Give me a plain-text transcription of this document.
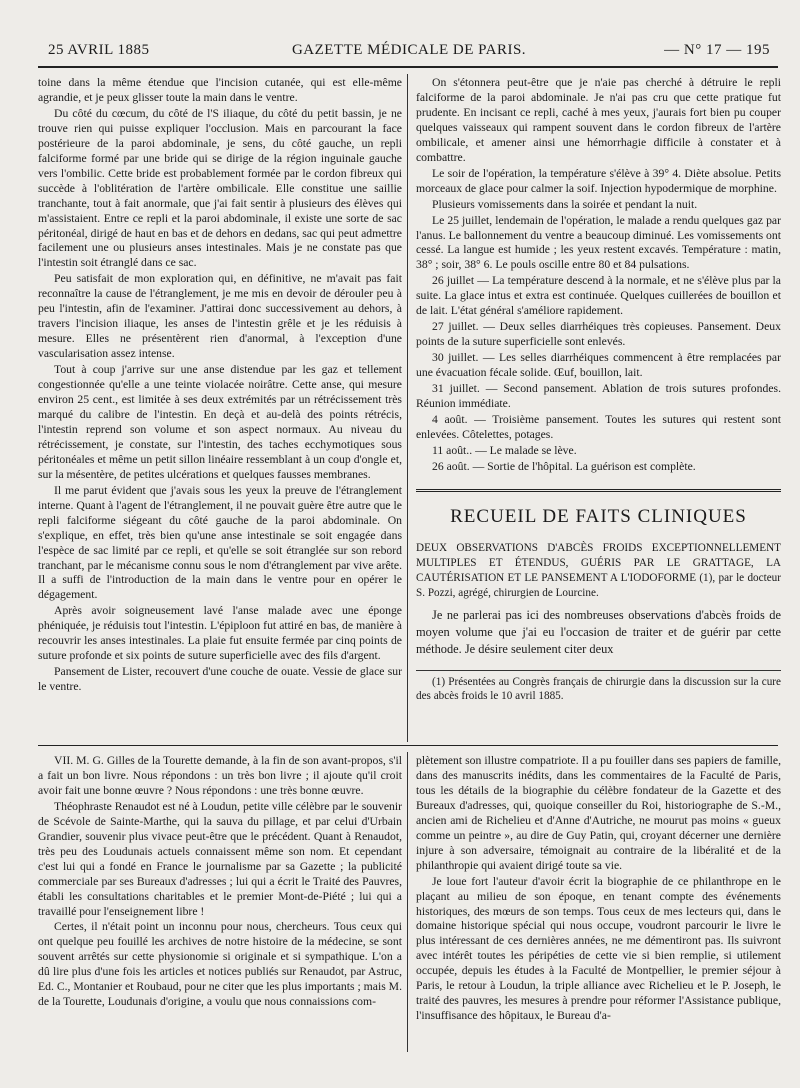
25 AVRIL 1885	GAZETTE MÉDICALE DE PARIS.	— N° 17 — 195

toine dans la même étendue que l'incision cutanée, qui est elle-même agrandie, et je peux glisser toute la main dans le ventre.

Du côté du cœcum, du côté de l'S iliaque, du côté du petit bassin, je ne trouve rien qui puisse expliquer l'occlusion. Mais en parcourant la face postérieure de la paroi abdominale, je sens, du côté gauche, un repli falciforme formé par une bride qui se dirige de la région inguinale gauche vers l'ombilic. Cette bride est probablement formée par le cordon fibreux qui succède à l'oblitération de l'artère ombilicale. Elle constitue une saillie tranchante, tout à fait anormale, que j'ai fait sentir à plusieurs des élèves qui m'assistaient. Entre ce repli et la paroi abdominale, il existe une sorte de sac péritonéal, dirigé de haut en bas et de dehors en dedans, sac qui peut admettre facilement une ou plusieurs anses intestinales. Mais je ne constate pas que l'intestin soit étranglé dans ce sac.

Peu satisfait de mon exploration qui, en définitive, ne m'avait pas fait reconnaître la cause de l'étranglement, je me mis en devoir de dérouler peu à peu l'intestin, afin de l'examiner. J'attirai donc successivement au dehors, à travers l'incision iliaque, les anses de l'intestin grêle et je les réduisis à mesure. Elles ne présentèrent rien d'anormal, à l'exception d'une vascularisation assez intense.

Tout à coup j'arrive sur une anse distendue par les gaz et tellement congestionnée qu'elle a une teinte violacée noirâtre. Cette anse, qui mesure environ 25 cent., est limitée à ses deux extrémités par un rétrécissement très marqué du calibre de l'intestin. En deçà et au-delà des points rétrécis, l'intestin reprend son volume et son aspect normaux. Au niveau du rétrécissement, je constate, sur l'intestin, des taches ecchymotiques sous péritonéales et même un petit sillon linéaire ressemblant à un coup d'ongle et, sur la mésentère, de petites ulcérations et quelques fausses membranes.

Il me parut évident que j'avais sous les yeux la preuve de l'étranglement interne. Quant à l'agent de l'étranglement, il ne pouvait guère être autre que le repli falciforme siégeant du côté gauche de la paroi abdominale. On s'explique, en effet, très bien qu'une anse intestinale se soit engagée dans l'espèce de sac limité par ce repli, et qu'elle se soit étranglée sur son rebord tranchant, par le mécanisme connu sous le nom d'étranglement par vive arête. Il a suffi de l'introduction de la main dans le ventre pour en opérer le dégagement.

Après avoir soigneusement lavé l'anse malade avec une éponge phéniquée, je réduisis tout l'intestin. L'épiploon fut attiré en bas, de manière à recouvrir les anses intestinales. La plaie fut ensuite fermée par cinq points de suture profonde et six points de suture superficielle avec des fils d'argent.

Pansement de Lister, recouvert d'une couche de ouate. Vessie de glace sur le ventre.

On s'étonnera peut-être que je n'aie pas cherché à détruire le repli falciforme de la paroi abdominale. Je n'ai pas cru que cette pratique fut prudente. En incisant ce repli, caché à mes yeux, j'aurais fort bien pu couper quelques vaisseaux qui rampent souvent dans le cordon fibreux de l'artère ombilicale, et amener ainsi une hémorrhagie difficile à constater et à combattre.

Le soir de l'opération, la température s'élève à 39° 4. Diète absolue. Petits morceaux de glace pour calmer la soif. Injection hypodermique de morphine.

Plusieurs vomissements dans la soirée et pendant la nuit.

Le 25 juillet, lendemain de l'opération, le malade a rendu quelques gaz par l'anus. Le ballonnement du ventre a beaucoup diminué. Les vomissements ont cessé. La langue est humide ; les yeux restent excavés. Température : matin, 38° ; soir, 38° 6. Le pouls oscille entre 80 et 84 pulsations.

26 juillet — La température descend à la normale, et ne s'élève plus par la suite. La glace intus et extra est continuée. Quelques cuillerées de bouillon et de lait. L'état général s'améliore rapidement.

27 juillet. — Deux selles diarrhéiques très copieuses. Pansement. Deux points de la suture superficielle sont enlevés.

30 juillet. — Les selles diarrhéiques commencent à être remplacées par une évacuation fécale solide. Œuf, bouillon, lait.

31 juillet. — Second pansement. Ablation de trois sutures profondes. Réunion immédiate.

4 août. — Troisième pansement. Toutes les sutures qui restent sont enlevées. Côtelettes, potages.

11 août.. — Le malade se lève.

26 août. — Sortie de l'hôpital. La guérison est complète.

RECUEIL DE FAITS CLINIQUES

DEUX OBSERVATIONS D'ABCÈS FROIDS EXCEPTIONNELLEMENT MULTIPLES ET ÉTENDUS, GUÉRIS PAR LE GRATTAGE, LA CAUTÉRISATION ET LE PANSEMENT A L'IODOFORME (1), par le docteur S. Pozzi, agrégé, chirurgien de Lourcine.

Je ne parlerai pas ici des nombreuses observations d'abcès froids de moyen volume que j'ai eu l'occasion de traiter et de guérir par cette méthode. Je désire seulement citer deux

(1) Présentées au Congrès français de chirurgie dans la discussion sur la cure des abcès froids le 10 avril 1885.

VII. M. G. Gilles de la Tourette demande, à la fin de son avant-propos, s'il a fait un bon livre. Nous répondons : un très bon livre ; il ajoute qu'il croit avoir fait une bonne œuvre ? Nous répondons : une très bonne œuvre.

Théophraste Renaudot est né à Loudun, petite ville célèbre par le souvenir de Scévole de Sainte-Marthe, qui la sauva du pillage, et par celui d'Urbain Grandier, souvenir plus vivace peut-être que le précédent. Quant à Renaudot, très peu des Loudunais actuels connaissent même son nom. Et cependant c'est lui qui a fondé en France le journalisme par sa Gazette ; la publicité commerciale par ses Bureaux d'adresses ; lui qui a écrit le Traité des Pauvres, établi les consultations charitables et le premier Mont-de-Piété ; lui qui a travaillé pour l'enseignement libre !

Certes, il n'était point un inconnu pour nous, chercheurs. Tous ceux qui ont quelque peu fouillé les archives de notre histoire de la médecine, se sont souvent arrêtés sur cette physionomie si originale et si sympathique. L'on a dû lire plus d'une fois les articles et notices publiés sur Renaudot, par Astruc, Ed. C., Montanier et Roubaud, pour ne citer que les plus importants ; mais M. de la Tourette, Loudunais d'origine, a voulu que nous connaissions com-

plètement son illustre compatriote. Il a pu fouiller dans ses papiers de famille, dans des manuscrits inédits, dans les commentaires de la Faculté de Paris, tous les détails de la biographie du célèbre fondateur de la Gazette et des Bureaux d'adresses, qui, quoique conseiller du Roi, historiographe de S.-M., ancien ami de Richelieu et d'Anne d'Autriche, ne mourut pas moins « gueux comme un peintre », au dire de Guy Patin, qui, croyant décerner une dernière injure à son adversaire, témoignait au contraire de la libéralité et de la philanthropie qui avaient dirigé toute sa vie.

Je loue fort l'auteur d'avoir écrit la biographie de ce philanthrope en le plaçant au milieu de son époque, en tenant compte des événements historiques, des mœurs de son temps. Tous ceux de mes lecteurs qui, dans le domaine historique spécial qui nous occupe, voudront parcourir le livre le plus intéressant de ces dernières années, ne me démentiront pas. Ils suivront avec intérêt toutes les péripéties de cette vie si bien remplie, si utilement occupée, depuis les études à la Faculté de Montpellier, le premier séjour à Paris, le retour à Loudun, la triple alliance avec Richelieu et le P. Joseph, le traité des pauvres, les mesures à prendre pour réformer l'Assistance publique, l'insuffisance des hôpitaux, le Bureau d'a-
